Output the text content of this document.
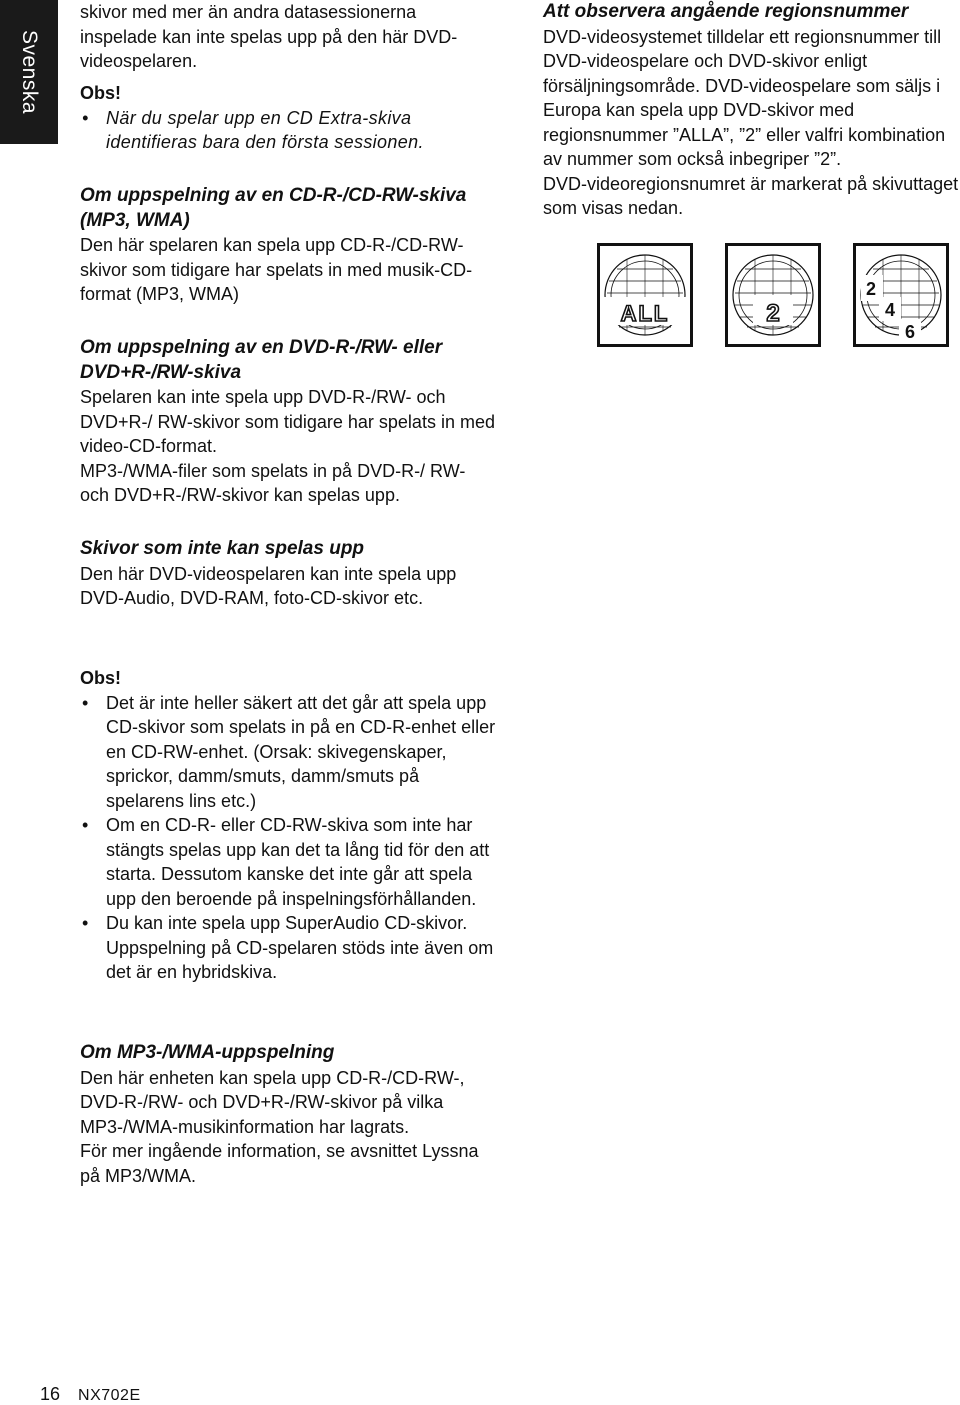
Svenska

skivor med mer än andra datasessionerna inspelade kan inte spelas upp på den här DVD-videospelaren.

Obs!
• När du spelar upp en CD Extra-skiva identifieras bara den första sessionen.
Om uppspelning av en CD-R-/CD-RW-skiva (MP3, WMA)

Den här spelaren kan spela upp CD-R-/CD-RW-skivor som tidigare har spelats in med musik-CD-format (MP3, WMA)

Om uppspelning av en DVD-R-/RW- eller DVD+R-/RW-skiva

Spelaren kan inte spela upp DVD-R-/RW- och DVD+R-/ RW-skivor som tidigare har spelats in med video-CD-format.

MP3-/WMA-filer som spelats in på DVD-R-/ RW- och DVD+R-/RW-skivor kan spelas upp.

Skivor som inte kan spelas upp

Den här DVD-videospelaren kan inte spela upp DVD-Audio, DVD-RAM, foto-CD-skivor etc.

Obs!
• Det är inte heller säkert att det går att spela upp CD-skivor som spelats in på en CD-R-enhet eller en CD-RW-enhet. (Orsak: skivegenskaper, sprickor, damm/smuts, damm/smuts på spelarens lins etc.)
• Om en CD-R- eller CD-RW-skiva som inte har stängts spelas upp kan det ta lång tid för den att starta. Dessutom kanske det inte går att spela upp den beroende på inspelningsförhållanden.
• Du kan inte spela upp SuperAudio CD-skivor. Uppspelning på CD-spelaren stöds inte även om det är en hybridskiva.
Om MP3-/WMA-uppspelning

Den här enheten kan spela upp CD-R-/CD-RW-, DVD-R-/RW- och DVD+R-/RW-skivor på vilka MP3-/WMA-musikinformation har lagrats.

För mer ingående information, se avsnittet Lyssna på MP3/WMA.

Att observera angående regionsnummer

DVD-videosystemet tilldelar ett regionsnummer till DVD-videospelare och DVD-skivor enligt försäljningsområde. DVD-videospelare som säljs i Europa kan spela upp DVD-skivor med regionsnummer ”ALLA”, ”2” eller valfri kombination av nummer som också inbegriper ”2”.

DVD-videoregionsnumret är markerat på skivuttaget som visas nedan.

ALL	2
2
4
6
16 NX702E
